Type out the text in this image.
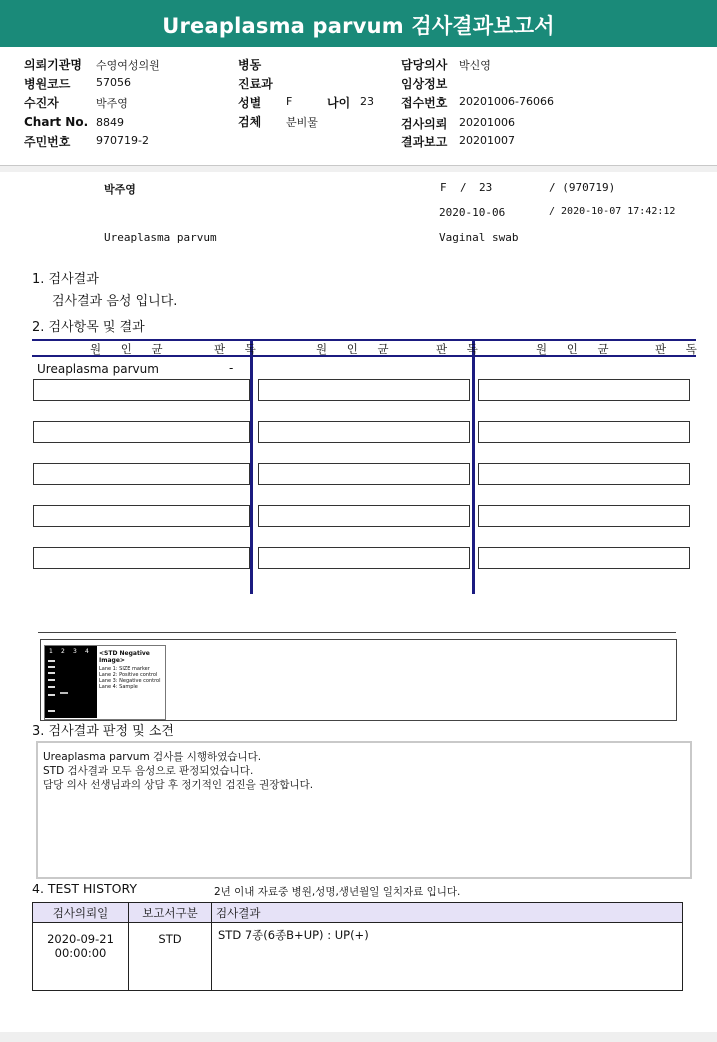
Ureaplasma parvum 검사결과보고서
의뢰기관명 수영여성의원
병원코드 57056
수진자	박주영
Chart No. 8849
주민번호 970719-2
병동
진료과
성별 F	나이 23
검체 분비물
담당의사 박신영
임상정보
접수번호 20201006-76066
검사의뢰 20201006
결과보고 20201007
박주영	F / 23	/ (970719)
2020-10-06	/ 2020-10-07 17:42:12
Ureaplasma parvum	Vaginal swab
1. 검사결과
검사결과 음성 입니다.
2. 검사항목 및 결과
원 인 균	판 독	원 인 균	판 독	원 인 균	판 독
Ureaplasma parvum	-
1 2 3 4 <STD Negative Image>
Lane 1: SIZE marker
Lane 2: Positive control
Lane 3: Negative control
Lane 4: Sample
3. 검사결과 판정 및 소견
Ureaplasma parvum 검사를 시행하였습니다.
STD 검사결과 모두 음성으로 판정되었습니다.
담당 의사 선생님과의 상담 후 정기적인 검진을 권장합니다.
4. TEST HISTORY	2년 이내 자료중 병원,성명,생년월일 일치자료 입니다.
검사의뢰일	보고서구분	검사결과

2020-09-21
00:00:00	STD	STD 7종(6종B+UP) : UP(+)
